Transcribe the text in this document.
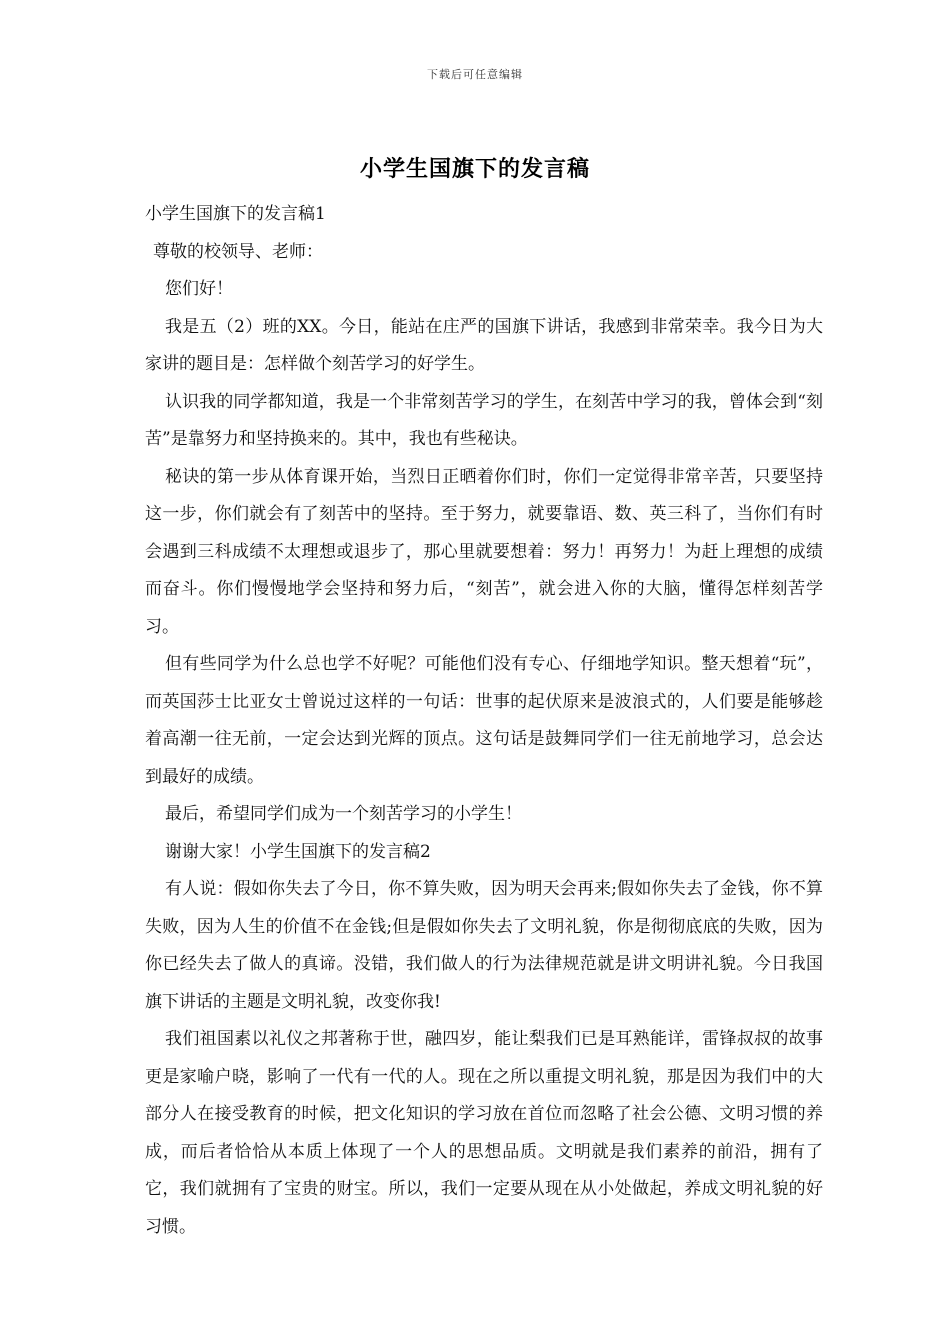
下载后可任意编辑
小学生国旗下的发言稿

小学生国旗下的发言稿1

尊敬的校领导、老师：

您们好！

我是五（2）班的XX。今日，能站在庄严的国旗下讲话，我感到非常荣幸。我今日为大家讲的题目是：怎样做个刻苦学习的好学生。

认识我的同学都知道，我是一个非常刻苦学习的学生，在刻苦中学习的我，曾体会到“刻苦”是靠努力和坚持换来的。其中，我也有些秘诀。

秘诀的第一步从体育课开始，当烈日正晒着你们时，你们一定觉得非常辛苦，只要坚持这一步，你们就会有了刻苦中的坚持。至于努力，就要靠语、数、英三科了，当你们有时会遇到三科成绩不太理想或退步了，那心里就要想着：努力！再努力！为赶上理想的成绩而奋斗。你们慢慢地学会坚持和努力后，“刻苦”，就会进入你的大脑，懂得怎样刻苦学习。

但有些同学为什么总也学不好呢？可能他们没有专心、仔细地学知识。整天想着“玩”，而英国莎士比亚女士曾说过这样的一句话：世事的起伏原来是波浪式的，人们要是能够趁着高潮一往无前，一定会达到光辉的顶点。这句话是鼓舞同学们一往无前地学习，总会达到最好的成绩。

最后，希望同学们成为一个刻苦学习的小学生！

谢谢大家！小学生国旗下的发言稿2

有人说：假如你失去了今日，你不算失败，因为明天会再来;假如你失去了金钱，你不算失败，因为人生的价值不在金钱;但是假如你失去了文明礼貌，你是彻彻底底的失败，因为你已经失去了做人的真谛。没错，我们做人的行为法律规范就是讲文明讲礼貌。今日我国旗下讲话的主题是文明礼貌，改变你我!

我们祖国素以礼仪之邦著称于世，融四岁，能让梨我们已是耳熟能详，雷锋叔叔的故事更是家喻户晓，影响了一代有一代的人。现在之所以重提文明礼貌，那是因为我们中的大部分人在接受教育的时候，把文化知识的学习放在首位而忽略了社会公德、文明习惯的养成，而后者恰恰从本质上体现了一个人的思想品质。文明就是我们素养的前沿，拥有了它，我们就拥有了宝贵的财宝。所以，我们一定要从现在从小处做起，养成文明礼貌的好习惯。
